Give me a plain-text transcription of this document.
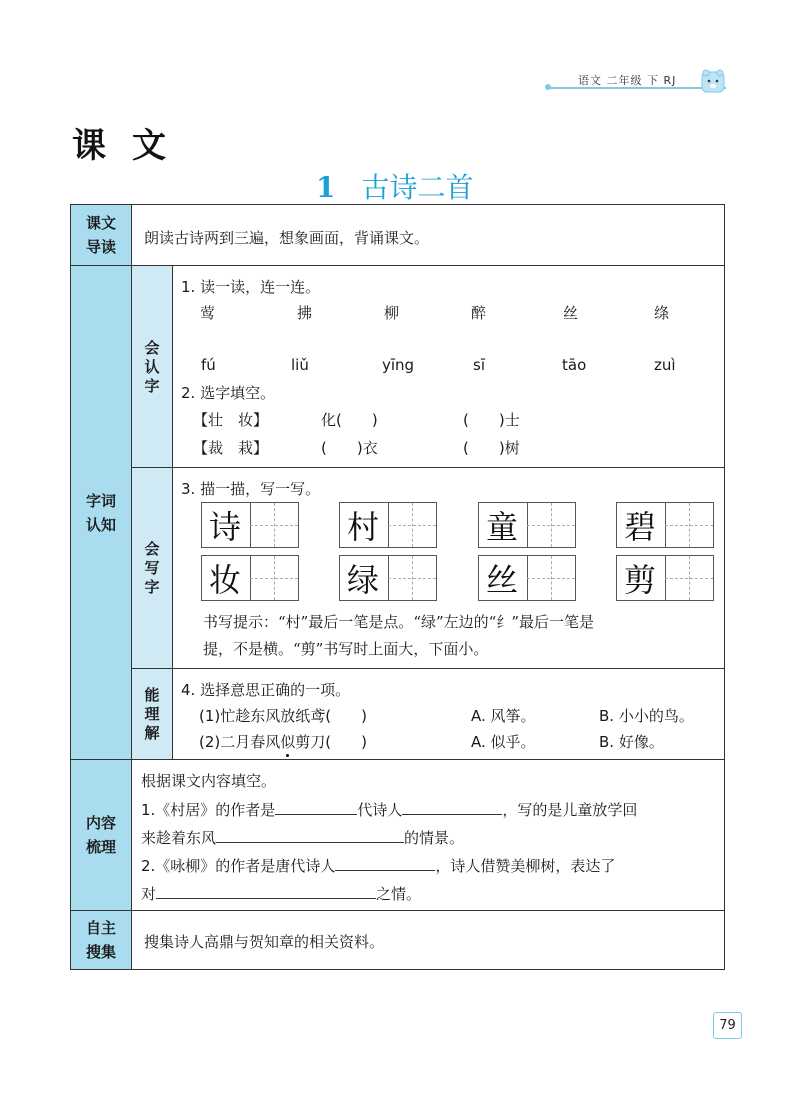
语文 二年级 下 RJ
课文
1 古诗二首
课文导读 朗读古诗两到三遍，想象画面，背诵课文。
字词认知
会认字
1. 读一读，连一连。
莺	拂	柳	醉	丝	绦
fú	liǔ	yīng	sī	tāo	zuì
2. 选字填空。
【壮　妆】	化(　　)	(　　)士
【裁　栽】	(　　)衣	(　　)树
会写字
3. 描一描，写一写。
诗	村	童	碧
妆	绿	丝	剪
书写提示：“村”最后一笔是点。“绿”左边的“纟”最后一笔是
提，不是横。“剪”书写时上面大，下面小。
能理解
4. 选择意思正确的一项。
(1)忙趁东风放纸鸢(　　)	A. 风筝。	B. 小小的鸟。
(2)二月春风似剪刀(　　)	A. 似乎。	B. 好像。
内容梳理
根据课文内容填空。
1.《村居》的作者是	代诗人	，写的是儿童放学回
来趁着东风	的情景。
2.《咏柳》的作者是唐代诗人	，诗人借赞美柳树，表达了
对	之情。
自主搜集
搜集诗人高鼎与贺知章的相关资料。
79
